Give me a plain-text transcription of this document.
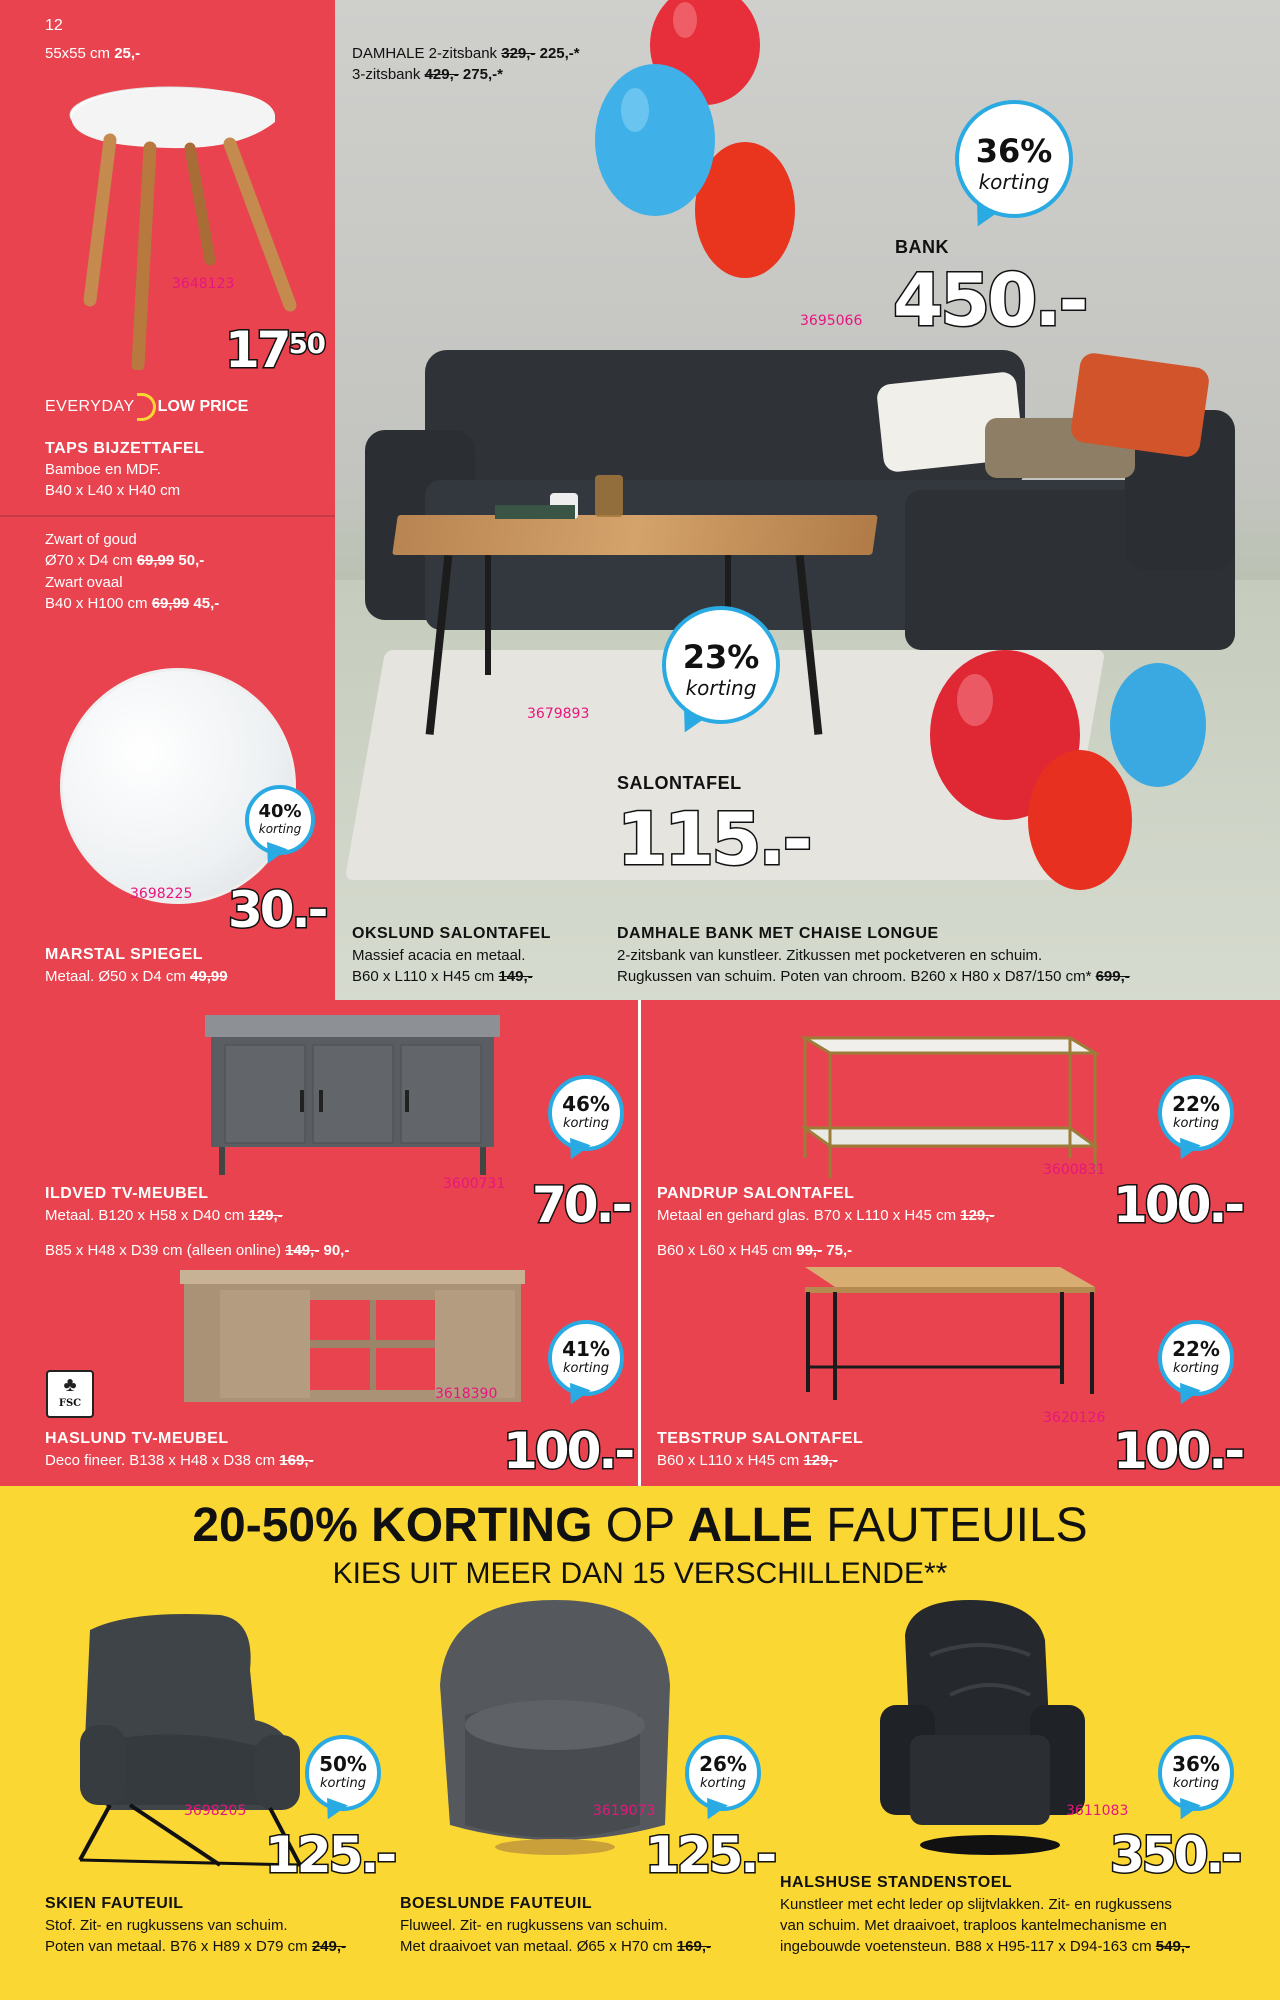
12
55x55 cm 25,-
3648123
$17^{50}$
EVERYDAY LOW PRICE
TAPS BIJZETTAFEL
Bamboe en MDF.
B40 x L40 x H40 cm
Zwart of goud
Ø70 x D4 cm 69,99 50,-
Zwart ovaal
B40 x H100 cm 69,99 45,-
40%
korting
3698225 30.-
MARSTAL SPIEGEL
Metaal. Ø50 x D4 cm 49,99
DAMHALE 2-zitsbank 329,- 225,-*
3-zitsbank 429,- 275,-*
36%
korting
BANK
450.-
3695066
23%
korting
3679893
SALONTAFEL
115.-
OKSLUND SALONTAFEL
Massief acacia en metaal.
B60 x L110 x H45 cm 149,-
DAMHALE BANK MET CHAISE LONGUE
2-zitsbank van kunstleer. Zitkussen met pocketveren en schuim.
Rugkussen van schuim. Poten van chroom. B260 x H80 x D87/150 cm* 699,-
46%
korting
3600731 70.-
ILDVED TV-MEUBEL
Metaal. B120 x H58 x D40 cm 129,-
B85 x H48 x D39 cm (alleen online) 149,- 90,-
41%
korting
3618390
♣
FSC
100.-
HASLUND TV-MEUBEL
Deco fineer. B138 x H48 x D38 cm 169,-
22%
korting
3600831
100.-
PANDRUP SALONTAFEL
Metaal en gehard glas. B70 x L110 x H45 cm 129,-
B60 x L60 x H45 cm 99,- 75,-
22%
korting
3620126
100.-
TEBSTRUP SALONTAFEL
B60 x L110 x H45 cm 129,-
20-50% KORTING OP ALLE FAUTEUILS
KIES UIT MEER DAN 15 VERSCHILLENDE**
50%
korting
3698205
125.-
SKIEN FAUTEUIL
Stof. Zit- en rugkussens van schuim.
Poten van metaal. B76 x H89 x D79 cm 249,-
26%
korting
3619073
125.-
BOESLUNDE FAUTEUIL
Fluweel. Zit- en rugkussens van schuim.
Met draaivoet van metaal. Ø65 x H70 cm 169,-
36%
korting
3611083
350.-
HALSHUSE STANDENSTOEL
Kunstleer met echt leder op slijtvlakken. Zit- en rugkussens
van schuim. Met draaivoet, traploos kantelmechanisme en
ingebouwde voetensteun. B88 x H95-117 x D94-163 cm 549,-
